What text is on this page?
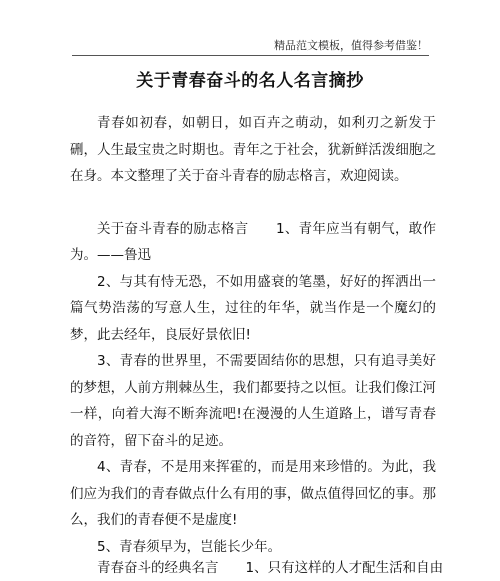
精品范文模板，值得参考借鉴！
关于青春奋斗的名人名言摘抄

青春如初春，如朝日，如百卉之萌动，如利刃之新发于硎，人生最宝贵之时期也。青年之于社会，犹新鲜活泼细胞之在身。本文整理了关于奋斗青春的励志格言，欢迎阅读。

关于奋斗青春的励志格言　　1、青年应当有朝气，敢作为。——鲁迅

2、与其有恃无恐，不如用盛衰的笔墨，好好的挥洒出一篇气势浩荡的写意人生，过往的年华，就当作是一个魔幻的梦，此去经年，良辰好景依旧!

3、青春的世界里，不需要固结你的思想，只有追寻美好的梦想，人前方荆棘丛生，我们都要持之以恒。让我们像江河一样，向着大海不断奔流吧!在漫漫的人生道路上，谱写青春的音符，留下奋斗的足迹。

4、青春，不是用来挥霍的，而是用来珍惜的。为此，我们应为我们的青春做点什么有用的事，做点值得回忆的事。那么，我们的青春便不是虚度!

5、青春须早为，岂能长少年。

青春奋斗的经典名言　　1、只有这样的人才配生活和自由
